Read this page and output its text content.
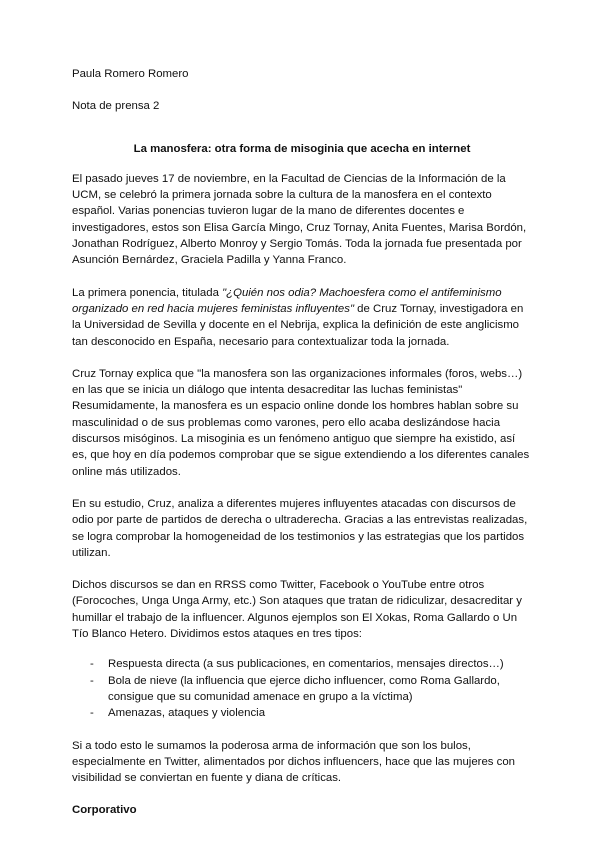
Paula Romero Romero

Nota de prensa 2

La manosfera: otra forma de misoginia que acecha en internet

El pasado jueves 17 de noviembre, en la Facultad de Ciencias de la Información de la UCM, se celebró la primera jornada sobre la cultura de la manosfera en el contexto español. Varias ponencias tuvieron lugar de la mano de diferentes docentes e investigadores, estos son Elisa García Mingo, Cruz Tornay, Anita Fuentes, Marisa Bordón, Jonathan Rodríguez, Alberto Monroy y Sergio Tomás. Toda la jornada fue presentada por Asunción Bernárdez, Graciela Padilla y Yanna Franco.

La primera ponencia, titulada "¿Quién nos odia? Machoesfera como el antifeminismo organizado en red hacia mujeres feministas influyentes" de Cruz Tornay, investigadora en la Universidad de Sevilla y docente en el Nebrija, explica la definición de este anglicismo tan desconocido en España, necesario para contextualizar toda la jornada.

Cruz Tornay explica que "la manosfera son las organizaciones informales (foros, webs…) en las que se inicia un diálogo que intenta desacreditar las luchas feministas"

Resumidamente, la manosfera es un espacio online donde los hombres hablan sobre su masculinidad o de sus problemas como varones, pero ello acaba deslizándose hacia discursos misóginos. La misoginia es un fenómeno antiguo que siempre ha existido, así es, que hoy en día podemos comprobar que se sigue extendiendo a los diferentes canales online más utilizados.

En su estudio, Cruz, analiza a diferentes mujeres influyentes atacadas con discursos de odio por parte de partidos de derecha o ultraderecha. Gracias a las entrevistas realizadas, se logra comprobar la homogeneidad de los testimonios y las estrategias que los partidos utilizan.

Dichos discursos se dan en RRSS como Twitter, Facebook o YouTube entre otros (Forocoches, Unga Unga Army, etc.) Son ataques que tratan de ridiculizar, desacreditar y humillar el trabajo de la influencer. Algunos ejemplos son El Xokas, Roma Gallardo o Un Tío Blanco Hetero. Dividimos estos ataques en tres tipos:

- Respuesta directa (a sus publicaciones, en comentarios, mensajes directos…)
- Bola de nieve (la influencia que ejerce dicho influencer, como Roma Gallardo, consigue que su comunidad amenace en grupo a la víctima)
- Amenazas, ataques y violencia

Si a todo esto le sumamos la poderosa arma de información que son los bulos, especialmente en Twitter, alimentados por dichos influencers, hace que las mujeres con visibilidad se conviertan en fuente y diana de críticas.

Corporativo
